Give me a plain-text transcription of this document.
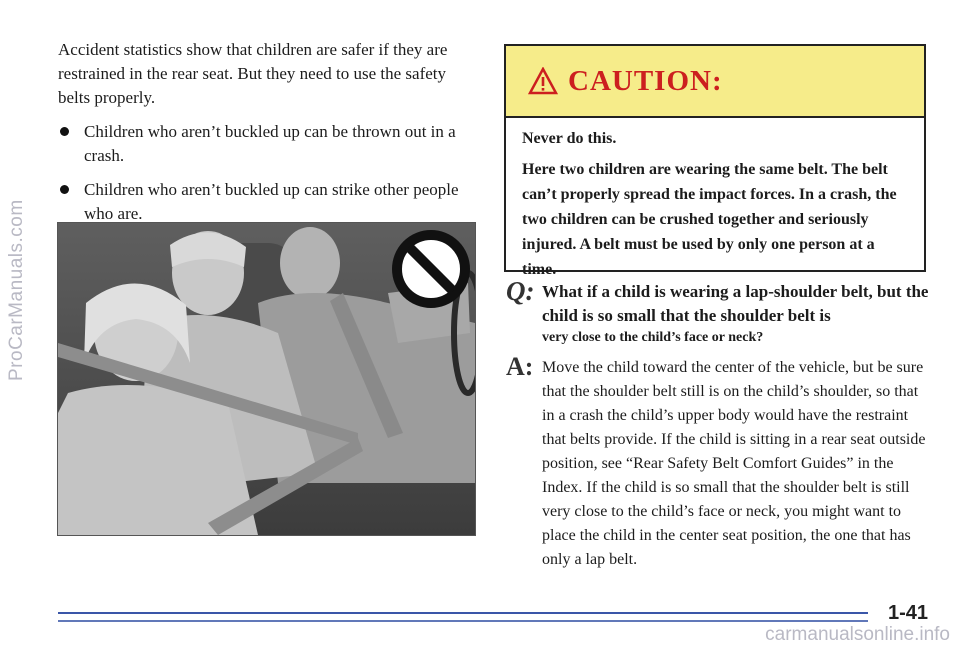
ProCarManuals.com

Accident statistics show that children are safer if they are restrained in the rear seat. But they need to use the safety belts properly.

Children who aren’t buckled up can be thrown out in a crash.
Children who aren’t buckled up can strike other people who are.
CAUTION:

Never do this.

Here two children are wearing the same belt. The belt can’t properly spread the impact forces. In a crash, the two children can be crushed together and seriously injured. A belt must be used by only one person at a time.

Q: What if a child is wearing a lap-shoulder belt, but the child is so small that the shoulder belt is

very close to the child’s face or neck?

A: Move the child toward the center of the vehicle, but be sure that the shoulder belt still is on the child’s shoulder, so that in a crash the child’s upper body would have the restraint that belts provide. If the child is sitting in a rear seat outside position, see “Rear Safety Belt Comfort Guides” in the Index. If the child is so small that the shoulder belt is still very close to the child’s face or neck, you might want to place the child in the center seat position, the one that has only a lap belt.

1-41
carmanualsonline.info
